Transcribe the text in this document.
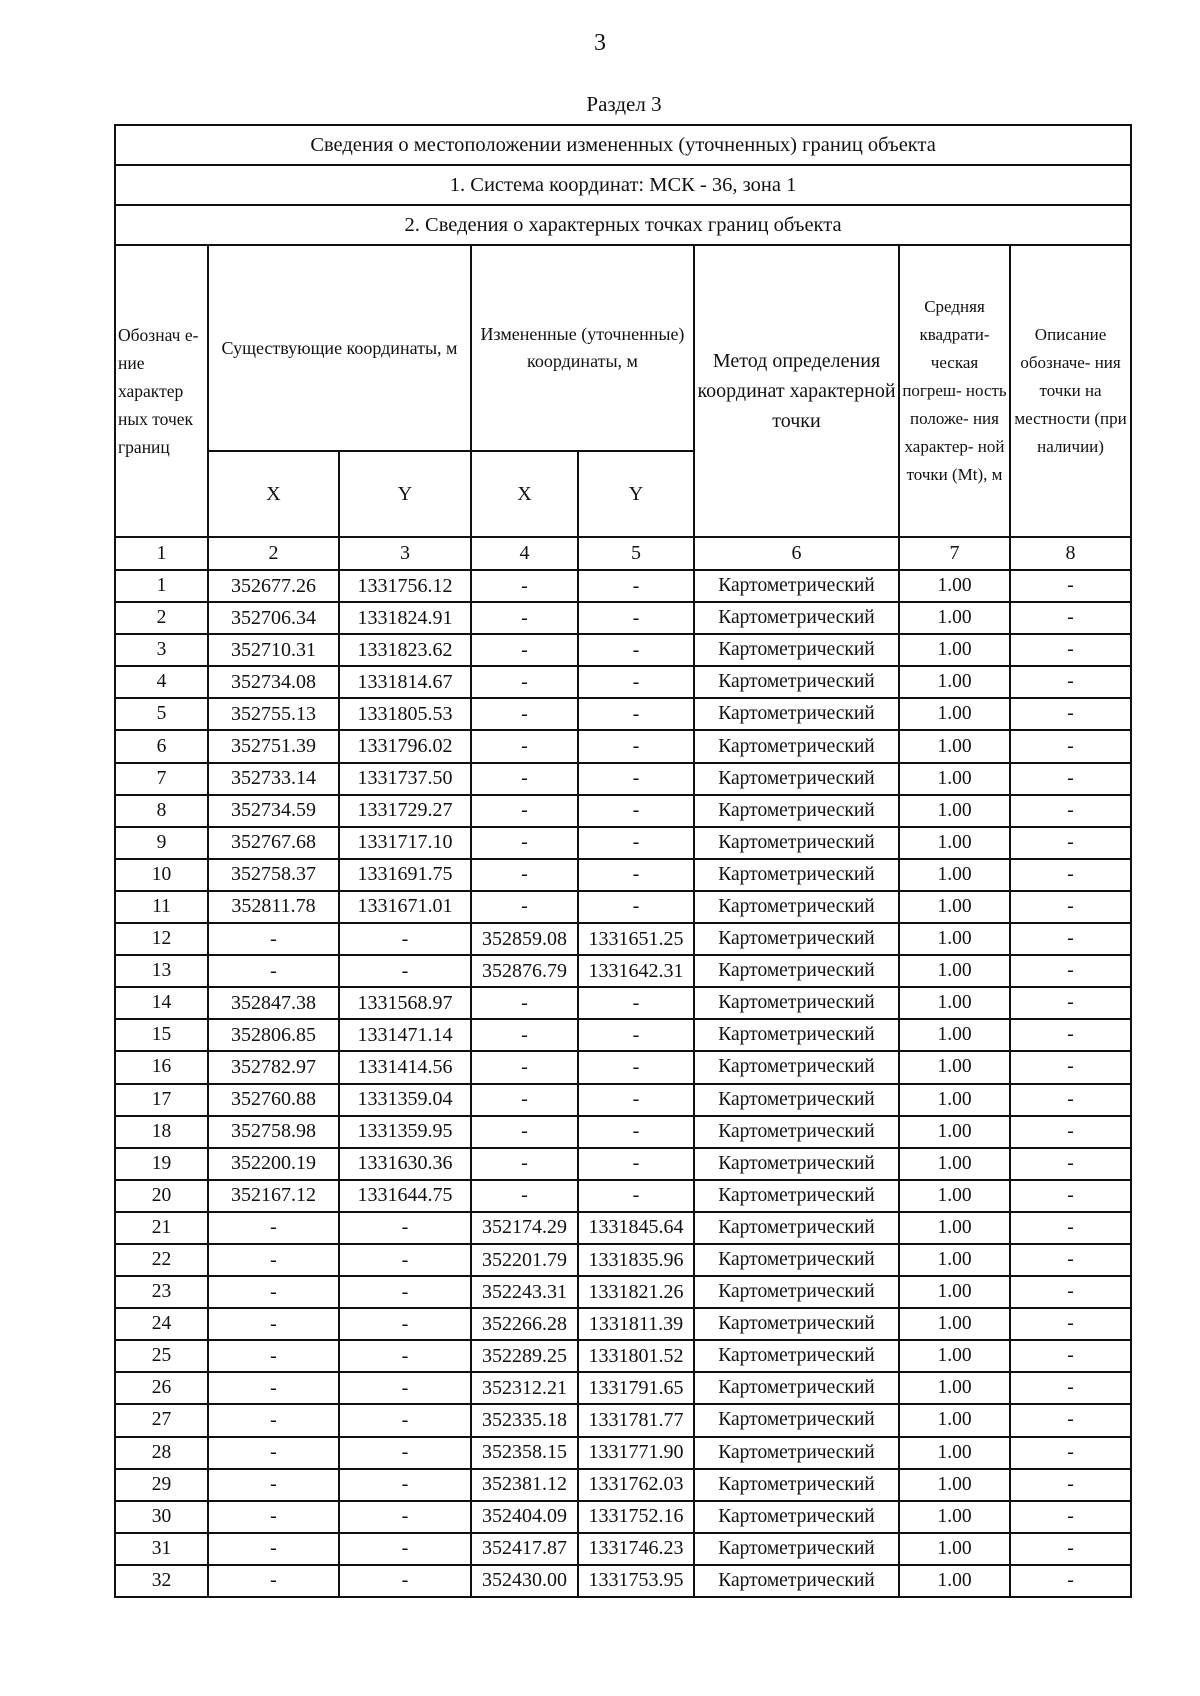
3
Раздел 3
Сведения о местоположении измененных (уточненных) границ объекта							
1. Система координат: МСК - 36, зона 1							
2. Сведения о характерных точках границ объекта							
Обознач е-ние характер ных точек границ	Существующие координаты, м		Измененные (уточненные) координаты, м		Метод определения координат характерной точки	Средняя квадрати- ческая погреш- ность положе- ния характер- ной точки (Mt), м	Описание обозначе- ния точки на местности (при наличии)
	X	Y	X	Y			
1	2	3	4	5	6	7	8
1	352677.26	1331756.12	-	-	Картометрический	1.00	-
2	352706.34	1331824.91	-	-	Картометрический	1.00	-
3	352710.31	1331823.62	-	-	Картометрический	1.00	-
4	352734.08	1331814.67	-	-	Картометрический	1.00	-
5	352755.13	1331805.53	-	-	Картометрический	1.00	-
6	352751.39	1331796.02	-	-	Картометрический	1.00	-
7	352733.14	1331737.50	-	-	Картометрический	1.00	-
8	352734.59	1331729.27	-	-	Картометрический	1.00	-
9	352767.68	1331717.10	-	-	Картометрический	1.00	-
10	352758.37	1331691.75	-	-	Картометрический	1.00	-
11	352811.78	1331671.01	-	-	Картометрический	1.00	-
12	-	-	352859.08	1331651.25	Картометрический	1.00	-
13	-	-	352876.79	1331642.31	Картометрический	1.00	-
14	352847.38	1331568.97	-	-	Картометрический	1.00	-
15	352806.85	1331471.14	-	-	Картометрический	1.00	-
16	352782.97	1331414.56	-	-	Картометрический	1.00	-
17	352760.88	1331359.04	-	-	Картометрический	1.00	-
18	352758.98	1331359.95	-	-	Картометрический	1.00	-
19	352200.19	1331630.36	-	-	Картометрический	1.00	-
20	352167.12	1331644.75	-	-	Картометрический	1.00	-
21	-	-	352174.29	1331845.64	Картометрический	1.00	-
22	-	-	352201.79	1331835.96	Картометрический	1.00	-
23	-	-	352243.31	1331821.26	Картометрический	1.00	-
24	-	-	352266.28	1331811.39	Картометрический	1.00	-
25	-	-	352289.25	1331801.52	Картометрический	1.00	-
26	-	-	352312.21	1331791.65	Картометрический	1.00	-
27	-	-	352335.18	1331781.77	Картометрический	1.00	-
28	-	-	352358.15	1331771.90	Картометрический	1.00	-
29	-	-	352381.12	1331762.03	Картометрический	1.00	-
30	-	-	352404.09	1331752.16	Картометрический	1.00	-
31	-	-	352417.87	1331746.23	Картометрический	1.00	-
32	-	-	352430.00	1331753.95	Картометрический	1.00	-
